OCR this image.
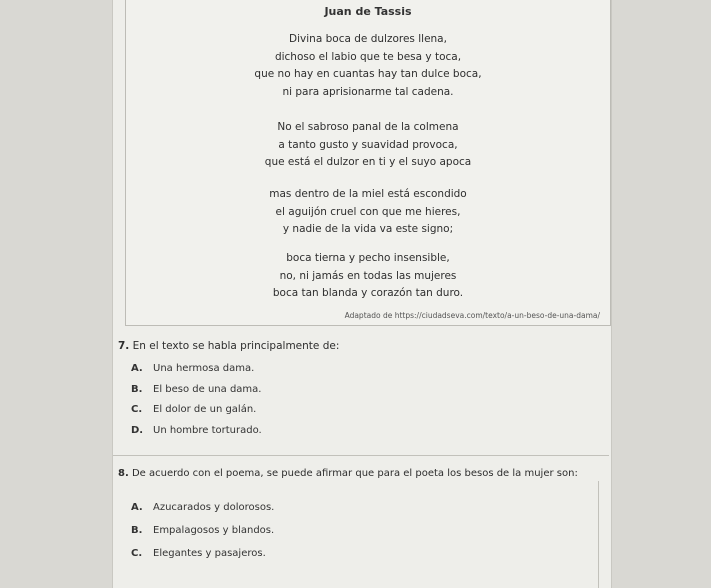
Juan de Tassis
Divina boca de dulzores llena,
dichoso el labio que te besa y toca,
que no hay en cuantas hay tan dulce boca,
ni para aprisionarme tal cadena.
No el sabroso panal de la colmena
a tanto gusto y suavidad provoca,
que está el dulzor en ti y el suyo apoca
mas dentro de la miel está escondido
el aguijón cruel con que me hieres,
y nadie de la vida va este signo;
boca tierna y pecho insensible,
no, ni jamás en todas las mujeres
boca tan blanda y corazón tan duro.
Adaptado de https://ciudadseva.com/texto/a-un-beso-de-una-dama/
7. En el texto se habla principalmente de:
A. Una hermosa dama.
B. El beso de una dama.
C. El dolor de un galán.
D. Un hombre torturado.
8. De acuerdo con el poema, se puede afirmar que para el poeta los besos de la mujer son:
A. Azucarados y dolorosos.
B. Empalagosos y blandos.
C. Elegantes y pasajeros.
